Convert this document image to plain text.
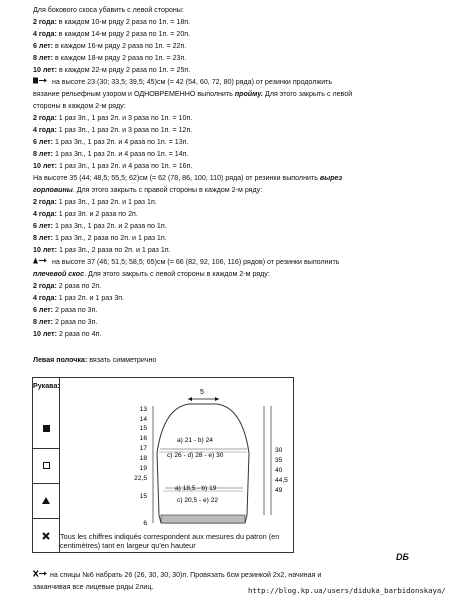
Для бокового скоса убавить с левой стороны:
2 года: в каждом 10-м ряду 2 раза по 1п. = 18п.
4 года: в каждом 14-м ряду 2 раза по 1п. = 20п.
6 лет: в каждом 16-м ряду 2 раза по 1п. = 22п.
8 лет: в каждом 18-м ряду 2 раза по 1п. = 23п.
10 лет: в каждом 22-м ряду 2 раза по 1п. = 25п.
на высоте 23 (30; 33,5; 39,5; 45)см (= 42 (54, 60, 72, 80) ряда) от резинки продолжить
вязание рельефным узором и ОДНОВРЕМЕННО выполнить пройму. Для этого закрыть с левой
стороны в каждом 2-м ряду:
2 года: 1 раз 3п., 1 раз 2п. и 3 раза по 1п. = 10п.
4 года: 1 раз 3п., 1 раз 2п. и 3 раза по 1п. = 12п.
6 лет: 1 раз 3п., 1 раз 2п. и 4 раза по 1п. = 13п.
8 лет: 1 раз 3п., 1 раз 2п. и 4 раза по 1п. = 14п.
10 лет: 1 раз 3п., 1 раз 2п. и 4 раза по 1п. = 16п.
На высоте 35 (44; 48,5; 55,5; 62)см (= 62 (78, 86, 100, 110) ряда) от резинки выполнить вырез
горловины. Для этого закрыть с правой стороны в каждом 2-м ряду:
2 года: 1 раз 3п., 1 раз 2п. и 1 раз 1п.
4 года: 1 раз 3п. и 2 раза по 2п.
6 лет: 1 раз 3п., 1 раз 2п. и 2 раза по 1п.
8 лет: 1 раз 3п., 2 раза по 2п. и 1 раз 1п.
10 лет: 1 раз 3п., 2 раза по 2п. и 1 раз 1п.
на высоте 37 (46; 51,5; 58,5; 65)см (= 66 (82, 92, 106, 116) рядов) от резинки выполнить
плечевой скос. Для этого закрыть с левой стороны в каждом 2-м ряду:
2 года: 2 раза по 2п.
4 года: 1 раз 2п. и 1 раз 3п.
6 лет: 2 раза по 3п.
8 лет: 2 раза по 3п.
10 лет: 2 раза по 4п.
Левая полочка: вязать симметрично
Рукава:
5
a) 21 - b) 24
c) 26 - d) 28 - e) 30
a) 18,5 - b) 19
c) 20,5 - e) 22
13
14
15
16
17
18
19
22,5
15
6
30
35
40
44,5
49
Tous les chiffres indiqués correspondent aux mesures du patron (en centimètres) tant en largeur qu'en hauteur
DБ
на спицы №6 набрать 26 (26, 30, 30, 30)п. Провязать 6см резинкой 2х2, начиная и
заканчивая все лицевые ряды 2лиц.	http://blog.kp.ua/users/diduka_barbidonskaya/
